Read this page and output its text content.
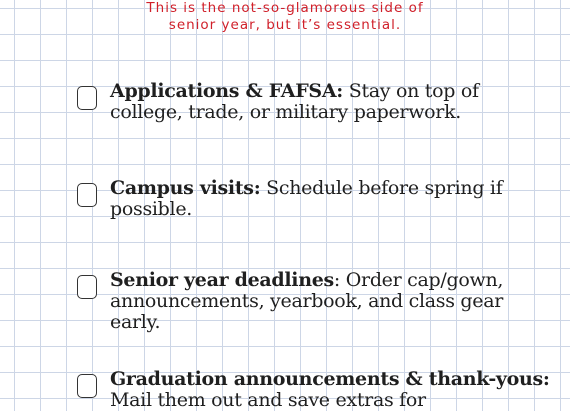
This is the not-so-glamorous side of
senior year, but it’s essential.
Applications & FAFSA: Stay on top of college, trade, or military paperwork.
Campus visits: Schedule before spring if possible.
Senior year deadlines: Order cap/gown, announcements, yearbook, and class gear early.
Graduation announcements & thank-yous: Mail them out and save extras for
